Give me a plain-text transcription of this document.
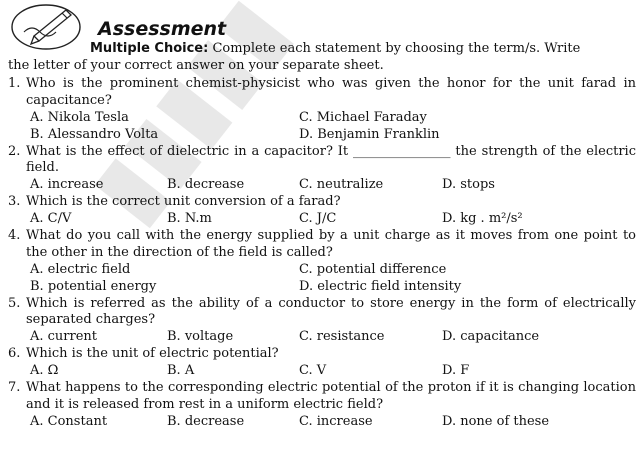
Assessment
Multiple Choice: Complete each statement by choosing the term/s. Write
the letter of your correct answer on your separate sheet.
1. Who is the prominent chemist-physicist who was given the honor for the unit farad in capacitance?
A. Nikola Tesla	C. Michael Faraday
B. Alessandro Volta	D. Benjamin Franklin
2. What is the effect of dielectric in a capacitor? It _______________ the strength of the electric field.
A. increase	B. decrease	C. neutralize	D. stops
3. Which is the correct unit conversion of a farad?
A. C/V	B. N.m	C. J/C	D. kg . m²/s²
4. What do you call with the energy supplied by a unit charge as it moves from one point to the other in the direction of the field is called?
A. electric field	C. potential difference
B. potential energy	D. electric field intensity
5. Which is referred as the ability of a conductor to store energy in the form of electrically separated charges?
A. current	B. voltage	C. resistance	D. capacitance
6. Which is the unit of electric potential?
A. Ω	B. A	C. V	D. F
7. What happens to the corresponding electric potential of the proton if it is changing location and it is released from rest in a uniform electric field?
A. Constant	B. decrease	C. increase	D. none of these
